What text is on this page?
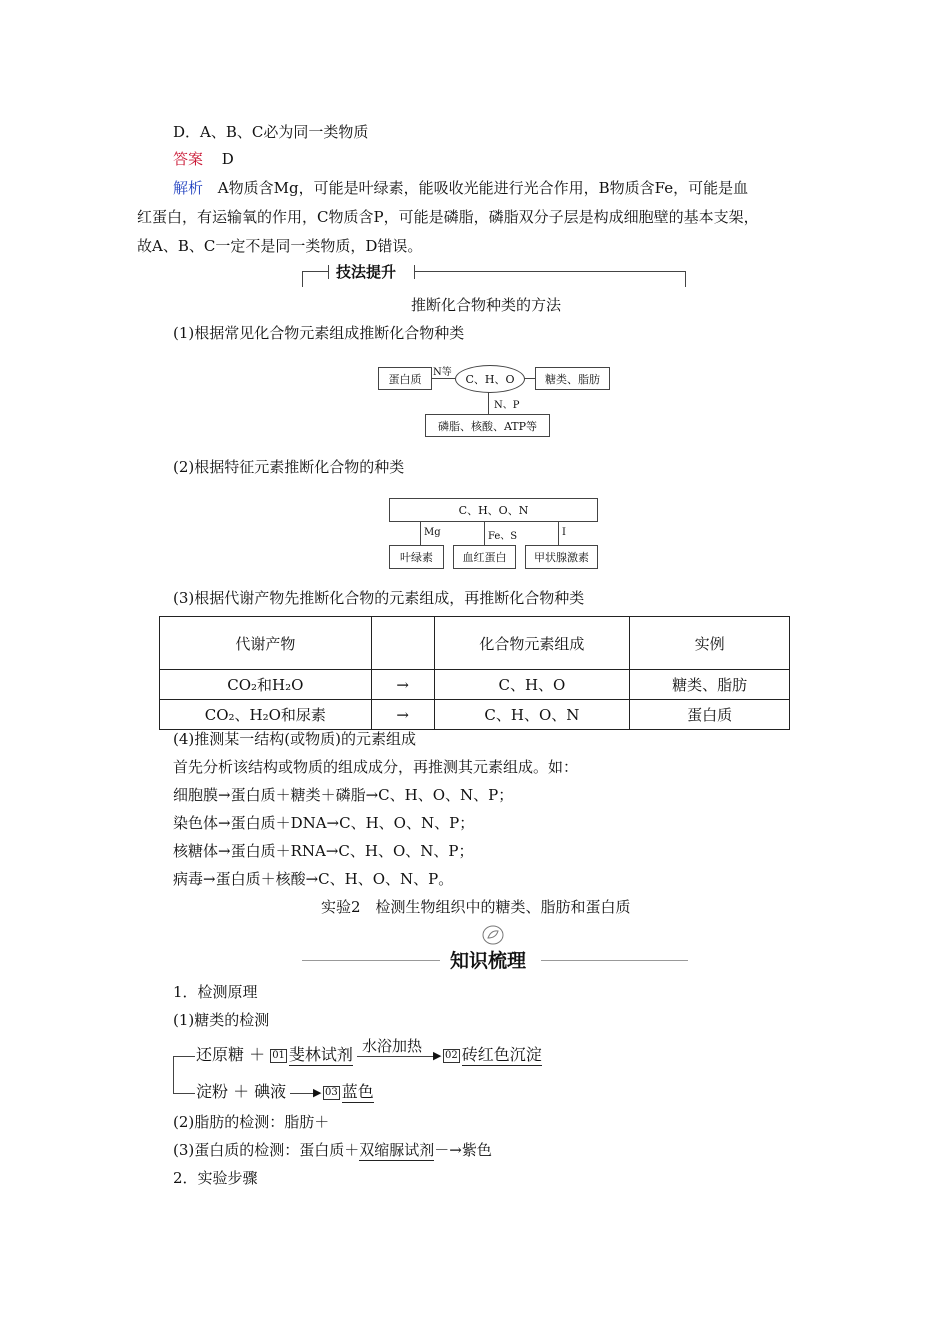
D．A、B、C必为同一类物质
答案 D
解析 A物质含Mg，可能是叶绿素，能吸收光能进行光合作用，B物质含Fe，可能是血
红蛋白，有运输氧的作用，C物质含P，可能是磷脂，磷脂双分子层是构成细胞壁的基本支架，
故A、B、C一定不是同一类物质，D错误。
技法提升
推断化合物种类的方法
(1)根据常见化合物元素组成推断化合物种类
蛋白质	N等
C、H、O	糖类、脂肪
N、P
磷脂、核酸、ATP等
(2)根据特征元素推断化合物的种类
C、H、O、N
Mg	Fe、S	I
叶绿素	血红蛋白	甲状腺激素
(3)根据代谢产物先推断化合物的元素组成，再推断化合物种类
代谢产物		化合物元素组成	实例
CO₂和H₂O	→	C、H、O	糖类、脂肪
CO₂、H₂O和尿素	→	C、H、O、N	蛋白质
(4)推测某一结构(或物质)的元素组成
首先分析该结构或物质的组成成分，再推测其元素组成。如：
细胞膜→蛋白质＋糖类＋磷脂→C、H、O、N、P；
染色体→蛋白质＋DNA→C、H、O、N、P；
核糖体→蛋白质＋RNA→C、H、O、N、P；
病毒→蛋白质＋核酸→C、H、O、N、P。
实验2　检测生物组织中的糖类、脂肪和蛋白质
知识梳理
1．检测原理
(1)糖类的检测
还原糖 ＋ 01 斐林试剂 水浴加热
▶ 02 砖红色沉淀
淀粉 ＋ 碘液 ▶ 03 蓝色
(2)脂肪的检测：脂肪＋
(3)蛋白质的检测：蛋白质＋双缩脲试剂－→紫色
2．实验步骤
